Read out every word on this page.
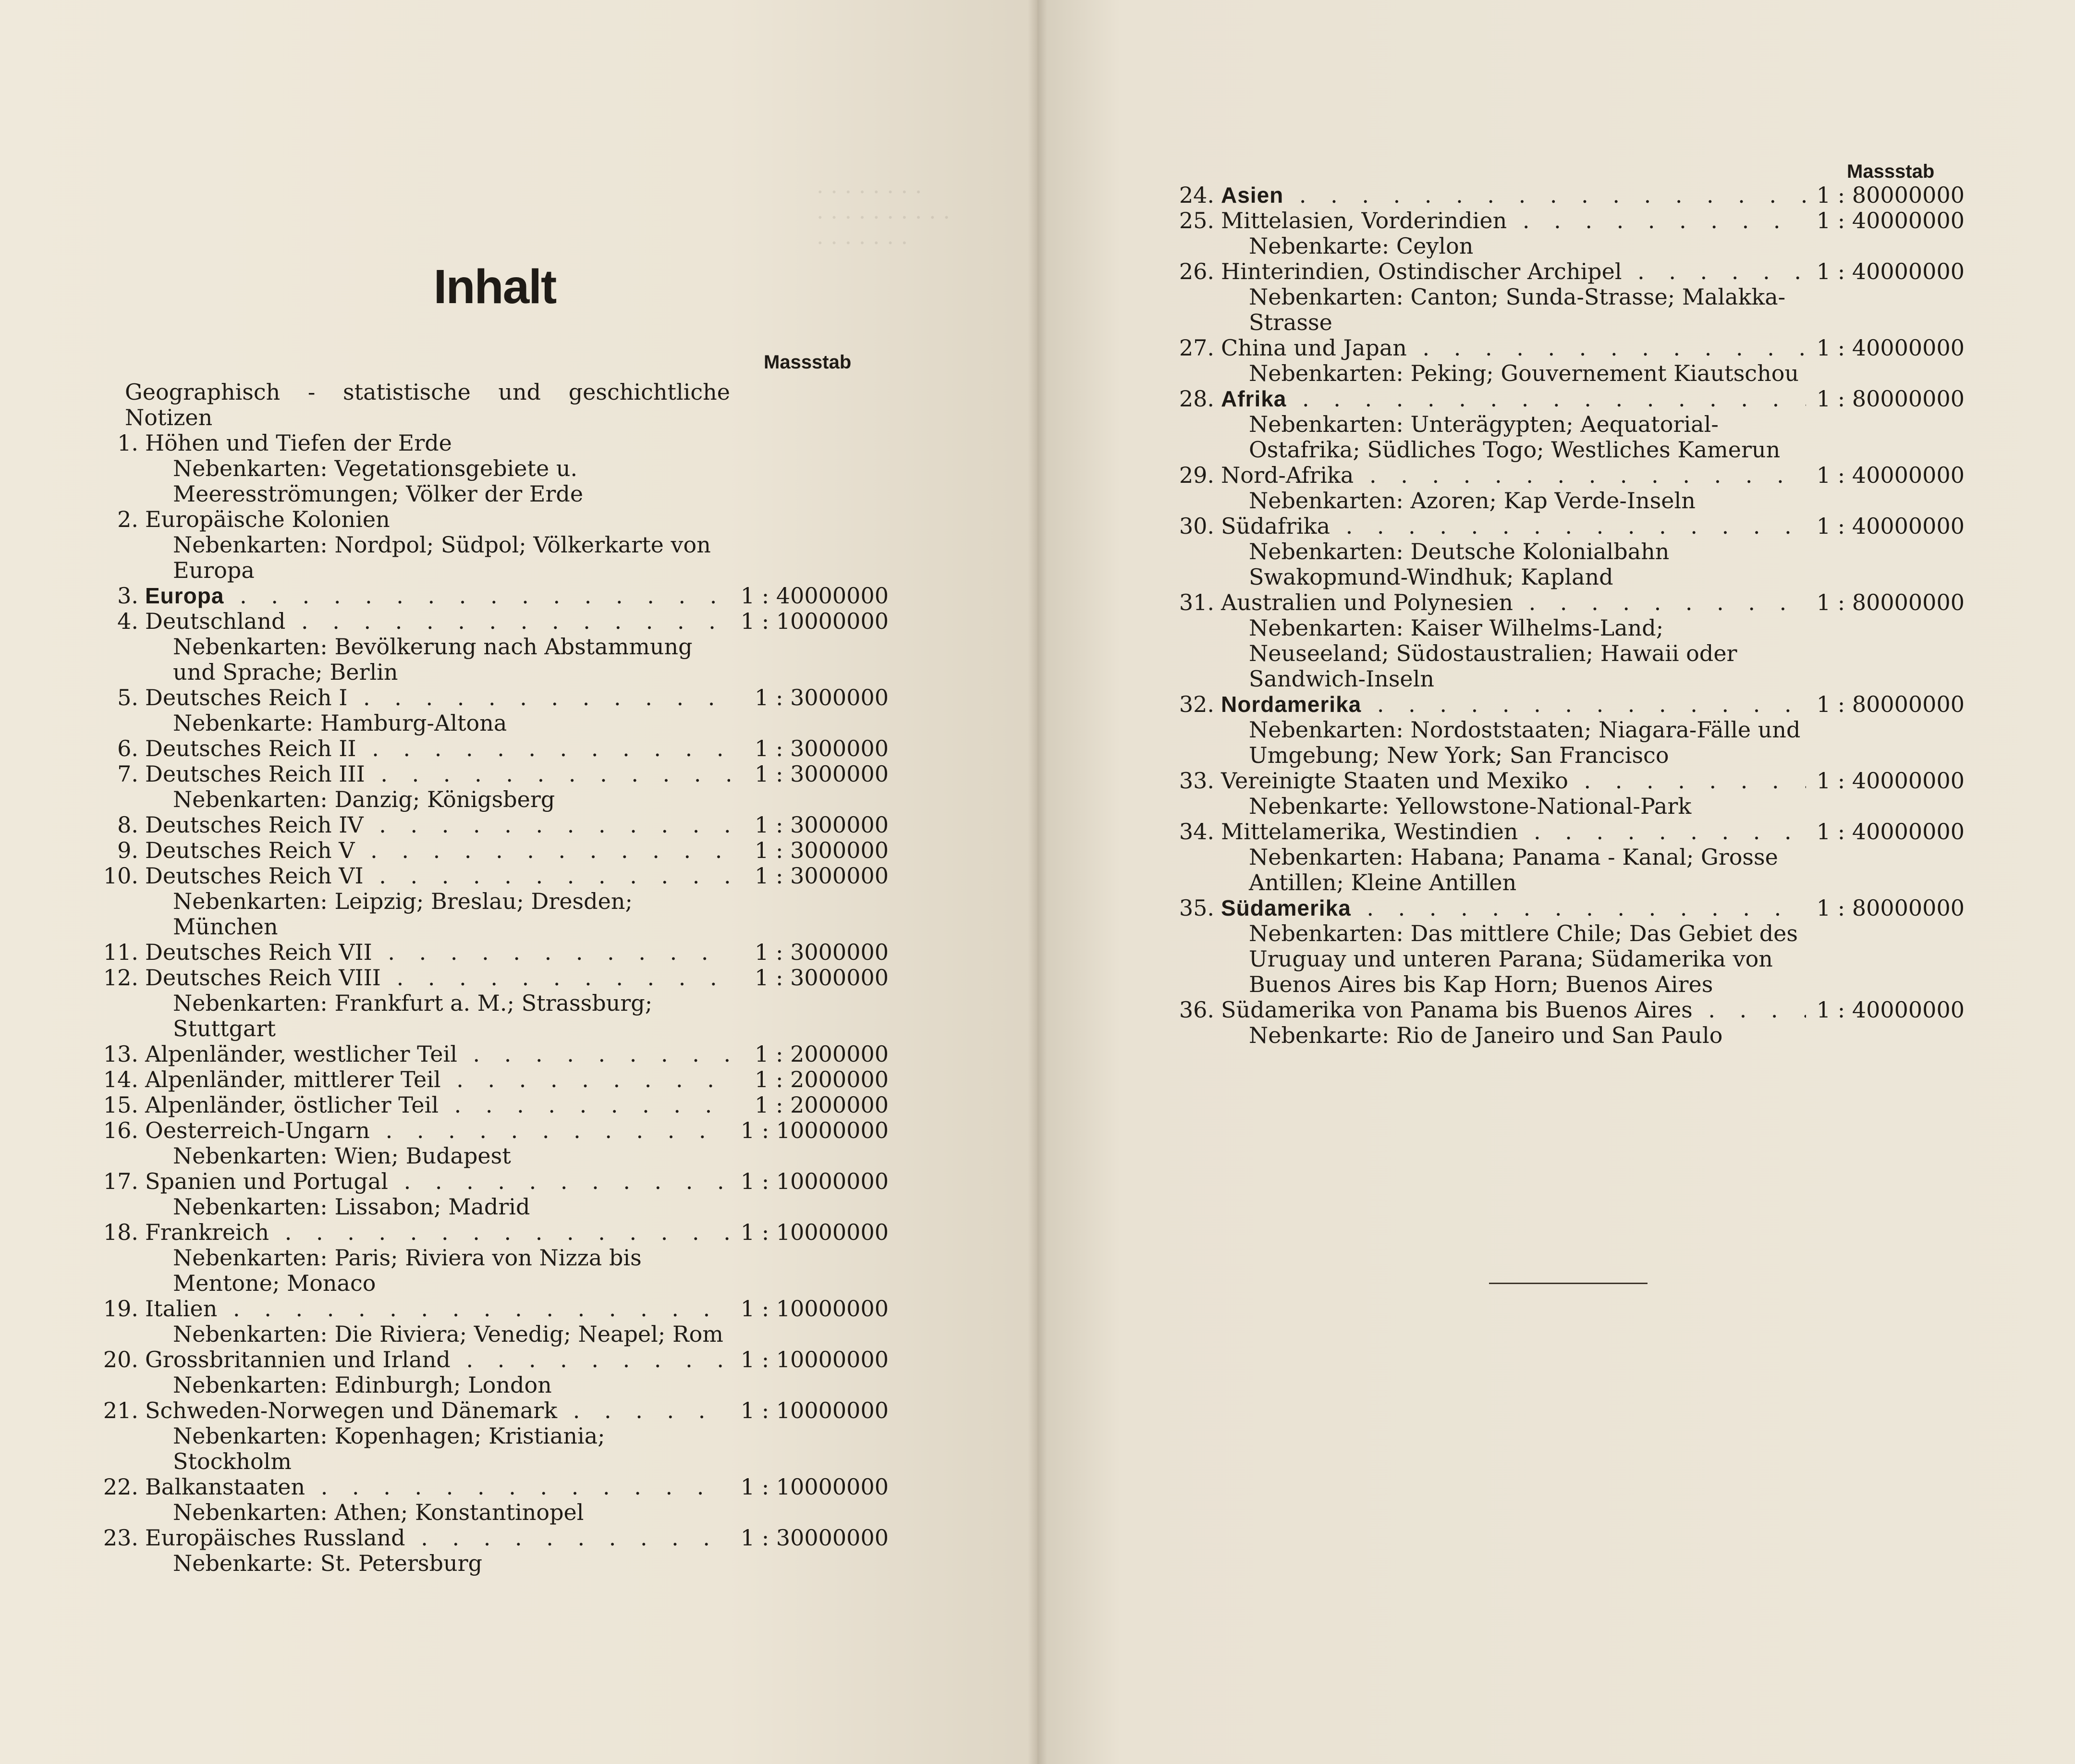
. . . . . . . .
. . . . . . . . . .
. . . . . . .
Inhalt
Massstab
Geographisch - statistische und geschichtliche Notizen
1. Höhen und Tiefen der Erde
Nebenkarten: Vegetationsgebiete u. Meeresströmungen; Völker der Erde
2. Europäische Kolonien
Nebenkarten: Nordpol; Südpol; Völkerkarte von Europa
3. Europa . . .	1 : 40000000
4. Deutschland . . .	1 : 10000000
Nebenkarten: Bevölkerung nach Abstammung und Sprache; Berlin
5. Deutsches Reich I . . .	1 : 3000000
Nebenkarte: Hamburg-Altona
6. Deutsches Reich II . . .	1 : 3000000
7. Deutsches Reich III . . .	1 : 3000000
Nebenkarten: Danzig; Königsberg
8. Deutsches Reich IV . . .	1 : 3000000
9. Deutsches Reich V . . .	1 : 3000000
10. Deutsches Reich VI . . .	1 : 3000000
Nebenkarten: Leipzig; Breslau; Dresden; München
11. Deutsches Reich VII . . .	1 : 3000000
12. Deutsches Reich VIII . . .	1 : 3000000
Nebenkarten: Frankfurt a. M.; Strassburg; Stuttgart
13. Alpenländer, westlicher Teil . . .	1 : 2000000
14. Alpenländer, mittlerer Teil . . .	1 : 2000000
15. Alpenländer, östlicher Teil . . .	1 : 2000000
16. Oesterreich-Ungarn . . .	1 : 10000000
Nebenkarten: Wien; Budapest
17. Spanien und Portugal . . .	1 : 10000000
Nebenkarten: Lissabon; Madrid
18. Frankreich . . .	1 : 10000000
Nebenkarten: Paris; Riviera von Nizza bis Mentone; Monaco
19. Italien . . .	1 : 10000000
Nebenkarten: Die Riviera; Venedig; Neapel; Rom
20. Grossbritannien und Irland . . .	1 : 10000000
Nebenkarten: Edinburgh; London
21. Schweden-Norwegen und Dänemark . . .	1 : 10000000
Nebenkarten: Kopenhagen; Kristiania; Stockholm
22. Balkanstaaten . . .	1 : 10000000
Nebenkarten: Athen; Konstantinopel
23. Europäisches Russland . . .	1 : 30000000
Nebenkarte: St. Petersburg
Massstab
24. Asien . . .	1 : 80000000
25. Mittelasien, Vorderindien . . .	1 : 40000000
Nebenkarte: Ceylon
26. Hinterindien, Ostindischer Archipel . . .	1 : 40000000
Nebenkarten: Canton; Sunda-Strasse; Malakka-Strasse
27. China und Japan . . .	1 : 40000000
Nebenkarten: Peking; Gouvernement Kiautschou
28. Afrika . . .	1 : 80000000
Nebenkarten: Unterägypten; Aequatorial-Ostafrika; Südliches Togo; Westliches Kamerun
29. Nord-Afrika . . .	1 : 40000000
Nebenkarten: Azoren; Kap Verde-Inseln
30. Südafrika . . .	1 : 40000000
Nebenkarten: Deutsche Kolonialbahn Swakopmund-Windhuk; Kapland
31. Australien und Polynesien . . .	1 : 80000000
Nebenkarten: Kaiser Wilhelms-Land; Neuseeland; Südostaustralien; Hawaii oder Sandwich-Inseln
32. Nordamerika . . .	1 : 80000000
Nebenkarten: Nordoststaaten; Niagara-Fälle und Umgebung; New York; San Francisco
33. Vereinigte Staaten und Mexiko . . .	1 : 40000000
Nebenkarte: Yellowstone-National-Park
34. Mittelamerika, Westindien . . .	1 : 40000000
Nebenkarten: Habana; Panama - Kanal; Grosse Antillen; Kleine Antillen
35. Südamerika . . .	1 : 80000000
Nebenkarten: Das mittlere Chile; Das Gebiet des Uruguay und unteren Parana; Südamerika von Buenos Aires bis Kap Horn; Buenos Aires
36. Südamerika von Panama bis Buenos Aires . . .	1 : 40000000
Nebenkarte: Rio de Janeiro und San Paulo
